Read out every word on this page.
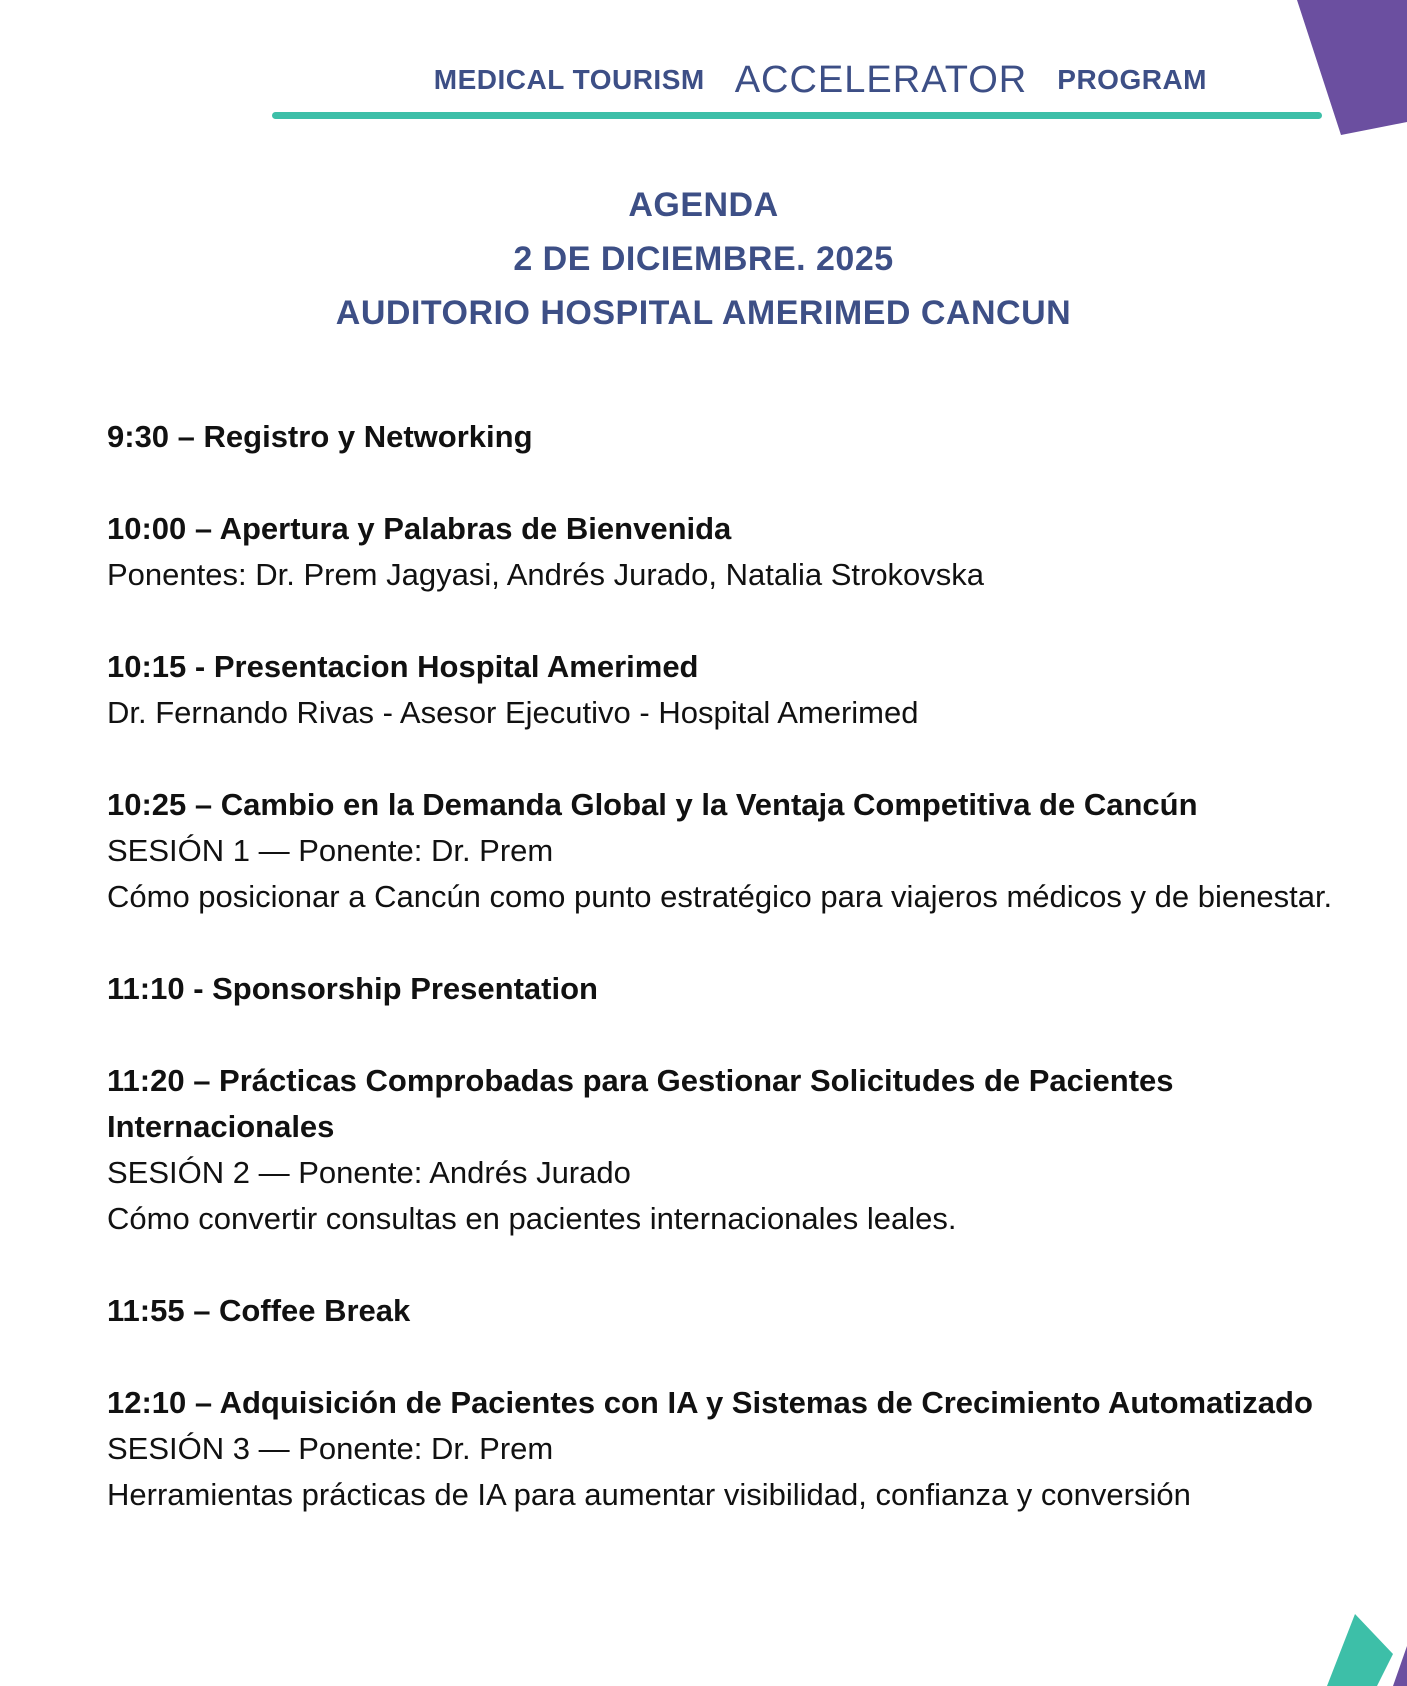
MEDICAL TOURISM ACCELERATOR PROGRAM
AGENDA
2 DE DICIEMBRE. 2025
AUDITORIO HOSPITAL AMERIMED CANCUN
9:30 – Registro y Networking
10:00 – Apertura y Palabras de Bienvenida
Ponentes: Dr. Prem Jagyasi, Andrés Jurado, Natalia Strokovska
10:15 - Presentacion Hospital Amerimed
Dr. Fernando Rivas - Asesor Ejecutivo - Hospital Amerimed
10:25 – Cambio en la Demanda Global y la Ventaja Competitiva de Cancún
SESIÓN 1 — Ponente: Dr. Prem
Cómo posicionar a Cancún como punto estratégico para viajeros médicos y de bienestar.
11:10 - Sponsorship Presentation
11:20 – Prácticas Comprobadas para Gestionar Solicitudes de Pacientes Internacionales
SESIÓN 2 — Ponente: Andrés Jurado
Cómo convertir consultas en pacientes internacionales leales.
11:55 – Coffee Break
12:10 – Adquisición de Pacientes con IA y Sistemas de Crecimiento Automatizado
SESIÓN 3 — Ponente: Dr. Prem
Herramientas prácticas de IA para aumentar visibilidad, confianza y conversión
